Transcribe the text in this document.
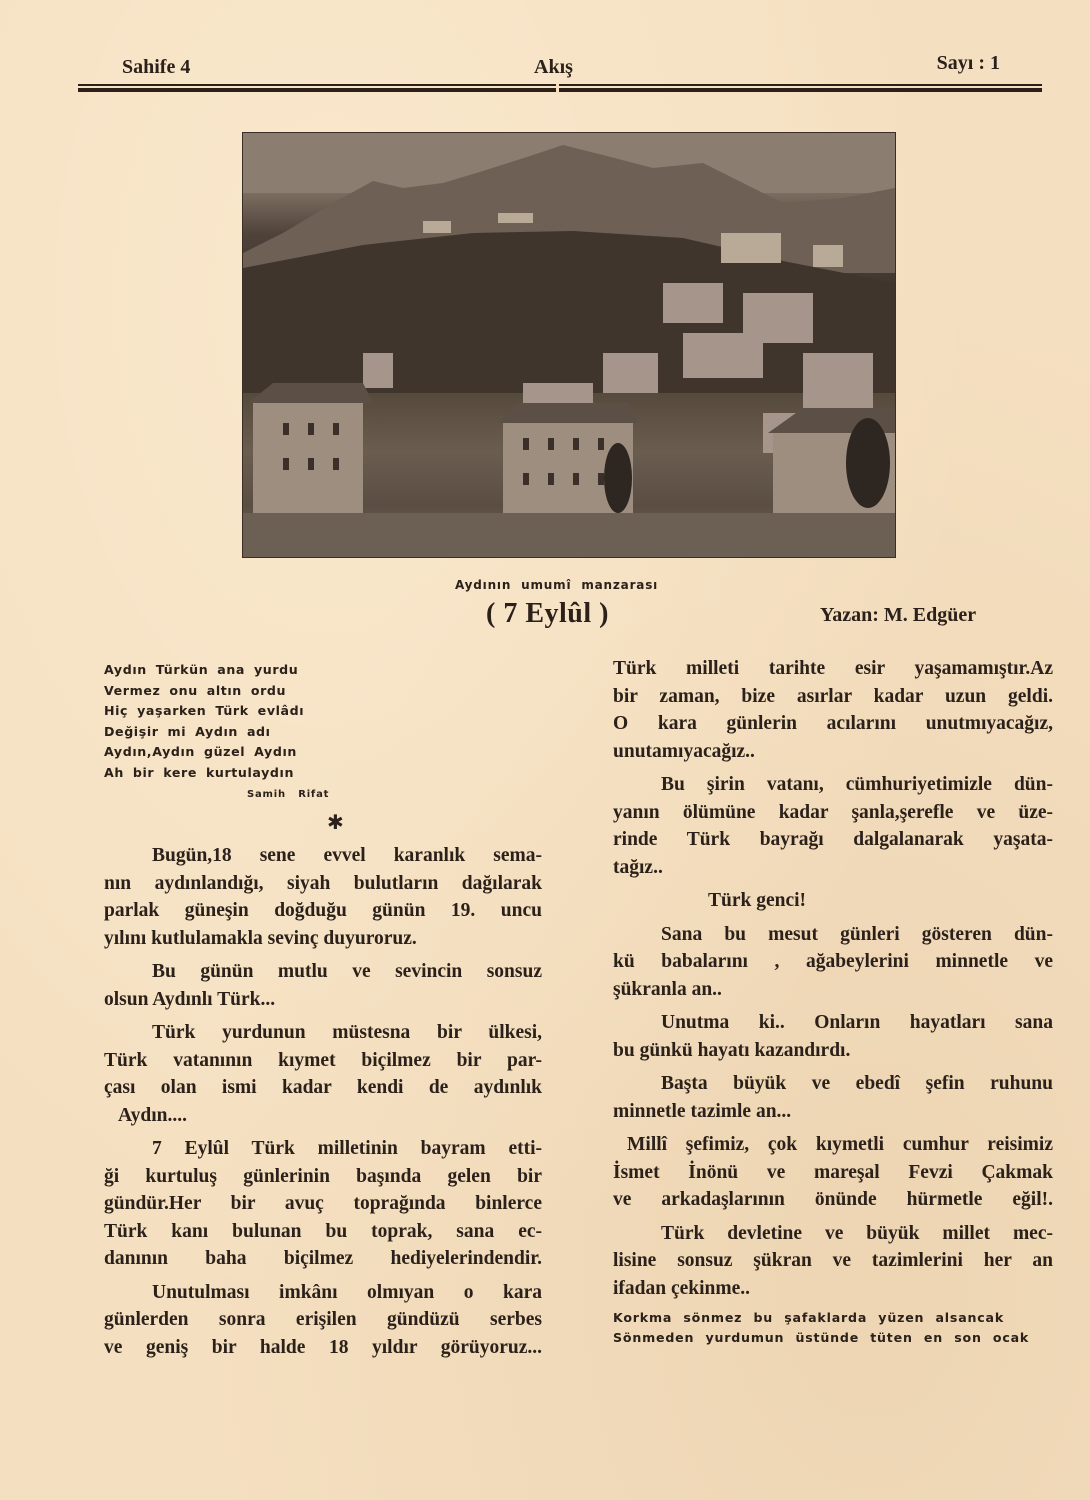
Sahife 4	Akış	Sayı : 1
Aydının umumî manzarası
( 7 Eylûl )	Yazan: M. Edgüer
Aydın Türkün ana yurdu
Vermez onu altın ordu
Hiç yaşarken Türk evlâdı
Değişir mi Aydın adı
Aydın,Aydın güzel Aydın
Ah bir kere kurtulaydın
Samih Rifat
✱
Bugün,18 sene evvel karanlık sema-
nın aydınlandığı, siyah bulutların dağılarak
parlak güneşin doğduğu günün 19. uncu
yılını kutlulamakla sevinç duyuroruz.
Bu günün mutlu ve sevincin sonsuz
olsun Aydınlı Türk...
Türk yurdunun müstesna bir ülkesi,
Türk vatanının kıymet biçilmez bir par-
çası olan ismi kadar kendi de aydınlık
Aydın....
7 Eylûl Türk milletinin bayram etti-
ği kurtuluş günlerinin başında gelen bir
gündür.Her bir avuç toprağında binlerce
Türk kanı bulunan bu toprak, sana ec-
danının baha biçilmez hediyelerindendir.
Unutulması imkânı olmıyan o kara
günlerden sonra erişilen gündüzü serbes
ve geniş bir halde 18 yıldır görüyoruz...
Türk milleti tarihte esir yaşamamıştır.Az
bir zaman, bize asırlar kadar uzun geldi.
O kara günlerin acılarını unutmıyacağız,
unutamıyacağız..
Bu şirin vatanı, cümhuriyetimizle dün-
yanın ölümüne kadar şanla,şerefle ve üze-
rinde Türk bayrağı dalgalanarak yaşata-
tağız..
Türk genci!
Sana bu mesut günleri gösteren dün-
kü babalarını , ağabeylerini minnetle ve
şükranla an..
Unutma ki.. Onların hayatları sana
bu günkü hayatı kazandırdı.
Başta büyük ve ebedî şefin ruhunu
minnetle tazimle an...
Millî şefimiz, çok kıymetli cumhur reisimiz
İsmet İnönü ve mareşal Fevzi Çakmak
ve arkadaşlarının önünde hürmetle eğil!.
Türk devletine ve büyük millet mec-
lisine sonsuz şükran ve tazimlerini her an
ifadan çekinme..
Korkma sönmez bu şafaklarda yüzen alsancak
Sönmeden yurdumun üstünde tüten en son ocak
